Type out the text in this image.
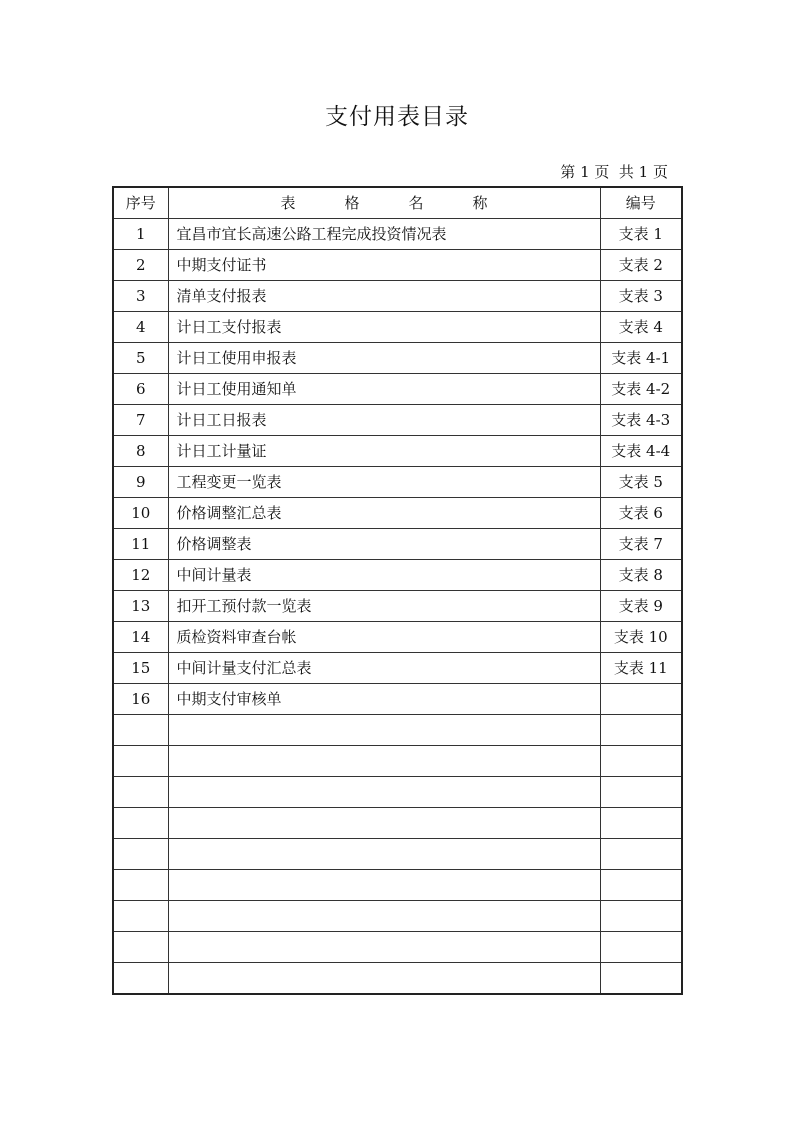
支付用表目录
第 1 页  共 1 页
序号	表 格 名 称	编号
1	宜昌市宜长高速公路工程完成投资情况表	支表 1
2	中期支付证书	支表 2
3	清单支付报表	支表 3
4	计日工支付报表	支表 4
5	计日工使用申报表	支表 4-1
6	计日工使用通知单	支表 4-2
7	计日工日报表	支表 4-3
8	计日工计量证	支表 4-4
9	工程变更一览表	支表 5
10	价格调整汇总表	支表 6
11	价格调整表	支表 7
12	中间计量表	支表 8
13	扣开工预付款一览表	支表 9
14	质检资料审查台帐	支表 10
15	中间计量支付汇总表	支表 11
16	中期支付审核单	
